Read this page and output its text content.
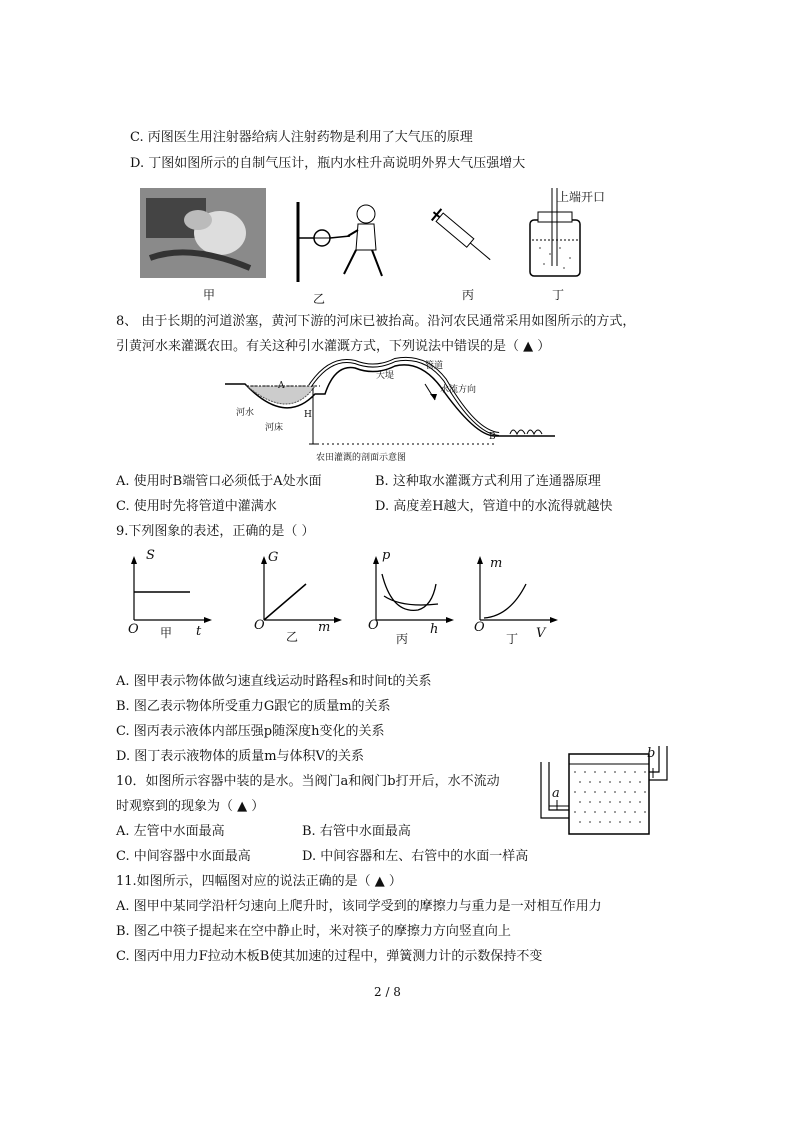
C. 丙图医生用注射器给病人注射药物是利用了大气压的原理
D. 丁图如图所示的自制气压计，瓶内水柱升高说明外界大气压强增大
上端开口
甲	乙	丙	丁
8、 由于长期的河道淤塞，黄河下游的河床已被抬高。沿河农民通常采用如图所示的方式，
引黄河水来灌溉农田。有关这种引水灌溉方式，下列说法中错误的是（ ▲ ）
A
B
H
河水
河床
大堤
管道
水流方向
农田灌溉的剖面示意图
A. 使用时B端管口必须低于A处水面	B. 这种取水灌溉方式利用了连通器原理
C. 使用时先将管道中灌满水	D. 高度差H越大，管道中的水流得就越快
9.下列图象的表述，正确的是（ ）
S
O 甲 t
G
O
乙
m
p
O
丙
h
m
O
丁 V
A. 图甲表示物体做匀速直线运动时路程s和时间t的关系
B. 图乙表示物体所受重力G跟它的质量m的关系
C. 图丙表示液体内部压强p随深度h变化的关系
D. 图丁表示液物体的质量m与体积V的关系
10．如图所示容器中装的是水。当阀门a和阀门b打开后，水不流动
时观察到的现象为（ ▲ ）
a
b
A. 左管中水面最高	B. 右管中水面最高
C. 中间容器中水面最高	D. 中间容器和左、右管中的水面一样高
11.如图所示，四幅图对应的说法正确的是（ ▲ ）
A. 图甲中某同学沿杆匀速向上爬升时，该同学受到的摩擦力与重力是一对相互作用力
B. 图乙中筷子提起来在空中静止时，米对筷子的摩擦力方向竖直向上
C. 图丙中用力F拉动木板B使其加速的过程中，弹簧测力计的示数保持不变
2 / 8
